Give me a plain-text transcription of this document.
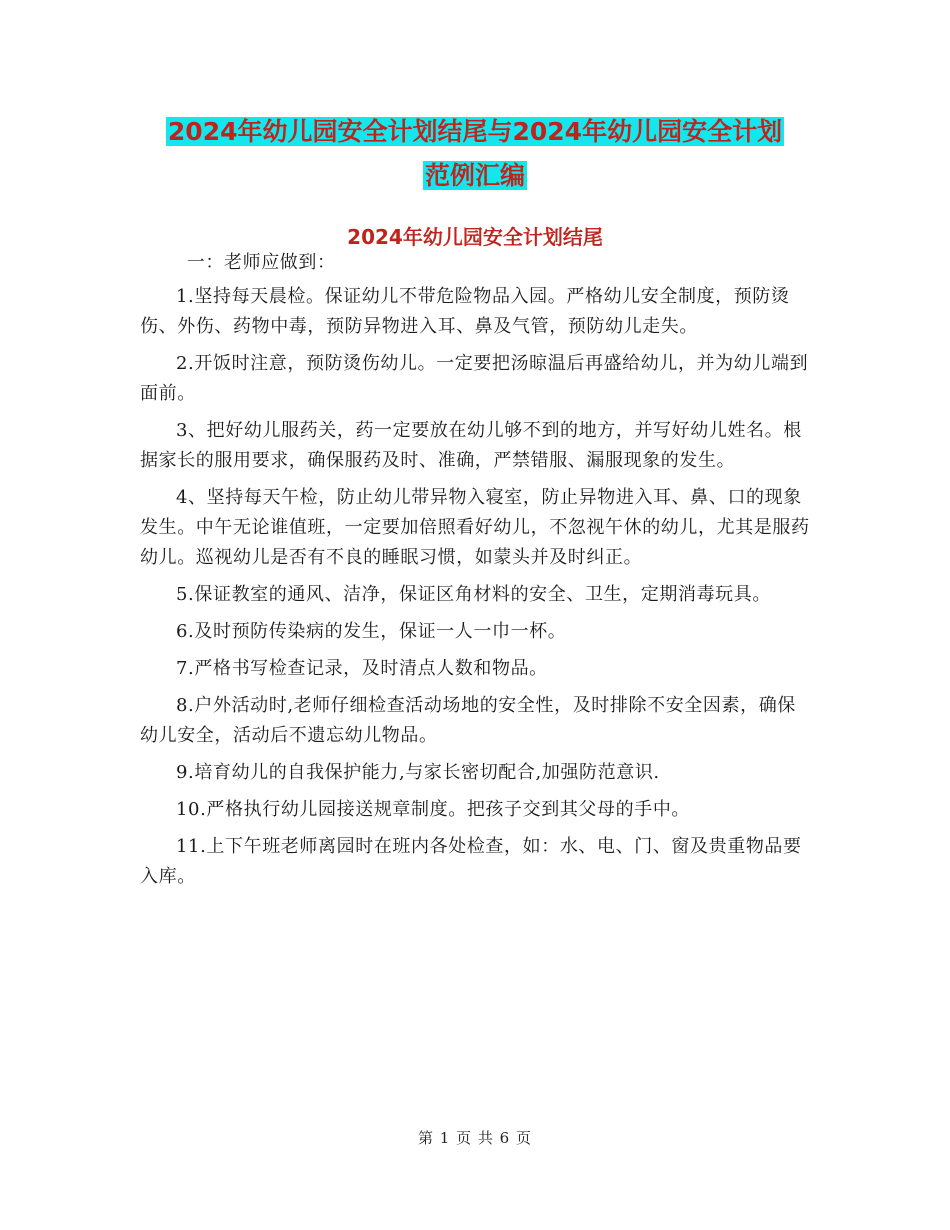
2024年幼儿园安全计划结尾与2024年幼儿园安全计划
范例汇编
2024年幼儿园安全计划结尾

一：老师应做到：

1.坚持每天晨检。保证幼儿不带危险物品入园。严格幼儿安全制度，预防烫伤、外伤、药物中毒，预防异物进入耳、鼻及气管，预防幼儿走失。

2.开饭时注意，预防烫伤幼儿。一定要把汤晾温后再盛给幼儿，并为幼儿端到面前。

3、把好幼儿服药关，药一定要放在幼儿够不到的地方，并写好幼儿姓名。根据家长的服用要求，确保服药及时、准确，严禁错服、漏服现象的发生。

4、坚持每天午检，防止幼儿带异物入寝室，防止异物进入耳、鼻、口的现象发生。中午无论谁值班，一定要加倍照看好幼儿，不忽视午休的幼儿，尤其是服药幼儿。巡视幼儿是否有不良的睡眠习惯，如蒙头并及时纠正。

5.保证教室的通风、洁净，保证区角材料的安全、卫生，定期消毒玩具。

6.及时预防传染病的发生，保证一人一巾一杯。

7.严格书写检查记录，及时清点人数和物品。

8.户外活动时,老师仔细检查活动场地的安全性，及时排除不安全因素，确保幼儿安全，活动后不遗忘幼儿物品。

9.培育幼儿的自我保护能力,与家长密切配合,加强防范意识.

10.严格执行幼儿园接送规章制度。把孩子交到其父母的手中。

11.上下午班老师离园时在班内各处检查，如：水、电、门、窗及贵重物品要入库。

第 1 页 共 6 页
